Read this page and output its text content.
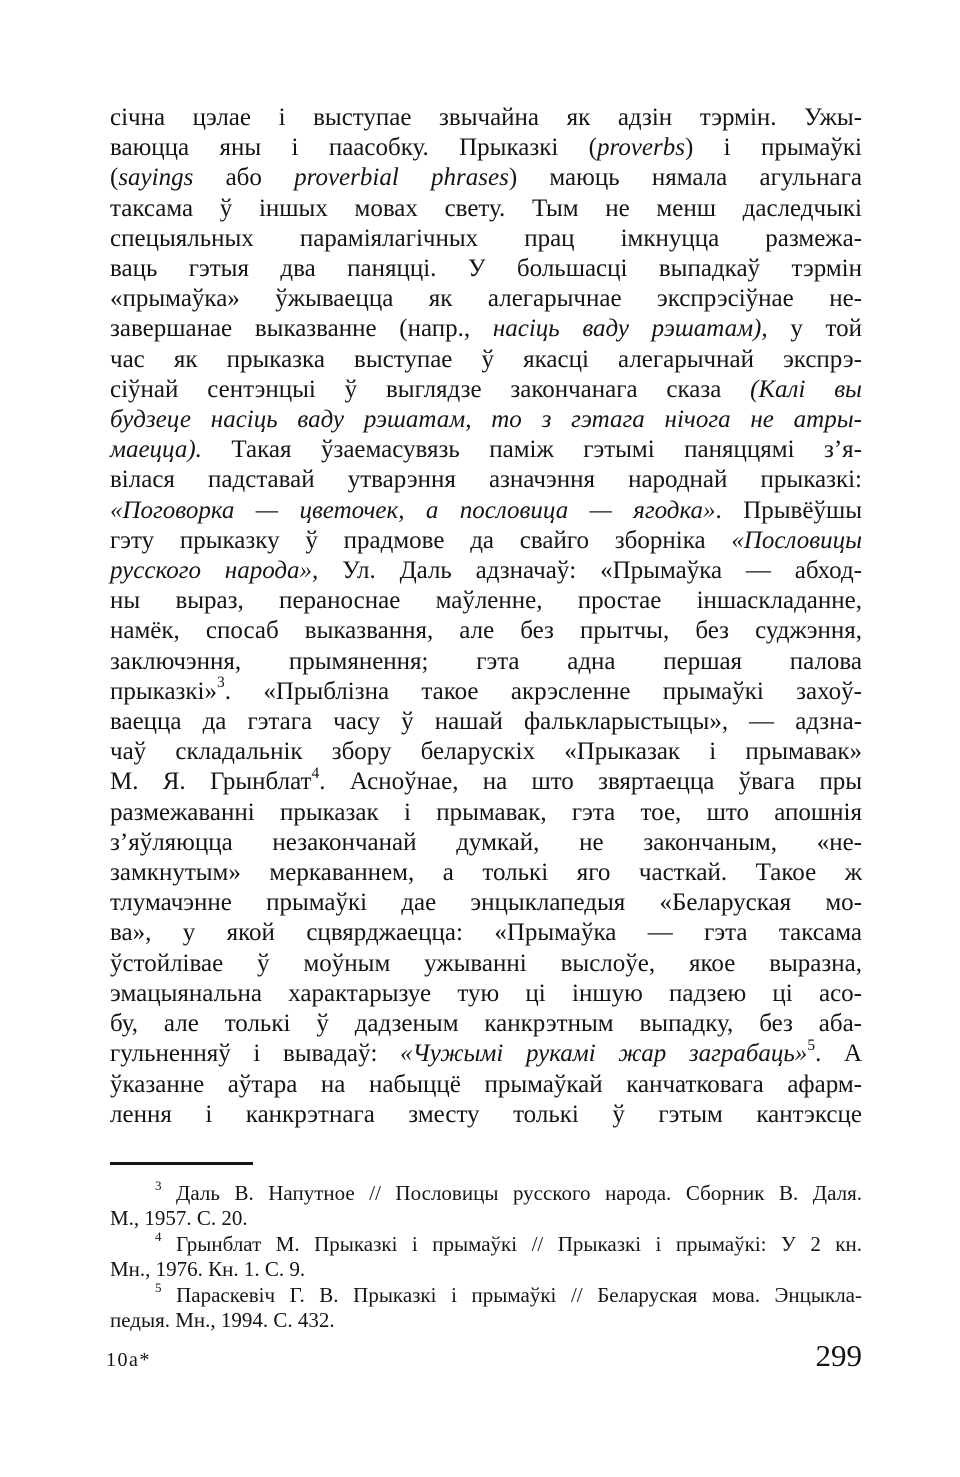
січна цэлае і выступае звычайна як адзін тэрмін. Ужы-
ваюцца яны і паасобку. Прыказкі (proverbs) і прымаўкі
(sayings або proverbial phrases) маюць нямала агульнага
таксама ў іншых мовах свету. Тым не менш даследчыкі
спецыяльных параміялагічных прац імкнуцца размежа-
ваць гэтыя два паняцці. У большасці выпадкаў тэрмін
«прымаўка» ўжываецца як алегарычнае экспрэсіўнае не-
завершанае выказванне (напр., насіць ваду рэшатам), у той
час як прыказка выступае ў якасці алегарычнай экспрэ-
сіўнай сентэнцыі ў выглядзе закончанага сказа (Калі вы
будзеце насіць ваду рэшатам, то з гэтага нічога не атры-
маецца). Такая ўзаемасувязь паміж гэтымі паняццямі з’я-
вілася падставай утварэння азначэння народнай прыказкі:
«Поговорка — цветочек, а пословица — ягодка». Прывёўшы
гэту прыказку ў прадмове да свайго зборніка «Пословицы
русского народа», Ул. Даль адзначаў: «Прымаўка — абход-
ны выраз, пераноснае маўленне, простае іншаскладанне,
намёк, спосаб выказвання, але без прытчы, без суджэння,
заключэння, прымянення; гэта адна першая палова
прыказкі»$^3$. «Прыблізна такое акрэсленне прымаўкі захоў-
ваецца да гэтага часу ў нашай фалькларыстыцы», — адзна-
чаў складальнік збору беларускіх «Прыказак і прымавак»
М. Я. Грынблат$^4$. Асноўнае, на што звяртаецца ўвага пры
размежаванні прыказак і прымавак, гэта тое, што апошнія
з’яўляюцца незакончанай думкай, не закончаным, «не-
замкнутым» меркаваннем, а толькі яго часткай. Такое ж
тлумачэнне прымаўкі дае энцыклапедыя «Беларуская мо-
ва», у якой сцвярджаецца: «Прымаўка — гэта таксама
ўстойлівае ў моўным ужыванні выслоўе, якое выразна,
эмацыянальна характарызуе тую ці іншую падзею ці асо-
бу, але толькі ў дадзеным канкрэтным выпадку, без аба-
гульненняў і вывадаў: «Чужымі рукамі жар заграбаць»$^5$. А
ўказанне аўтара на набыццё прымаўкай канчатковага афарм-
лення і канкрэтнага зместу толькі ў гэтым кантэксце
$^3$ Даль В. Напутное // Пословицы русского народа. Сборник В. Даля.
М., 1957. С. 20.
$^4$ Грынблат М. Прыказкі і прымаўкі // Прыказкі і прымаўкі: У 2 кн.
Мн., 1976. Кн. 1. С. 9.
$^5$ Параскевіч Г. В. Прыказкі і прымаўкі // Беларуская мова. Энцыкла-
педыя. Мн., 1994. С. 432.
10a*	299
